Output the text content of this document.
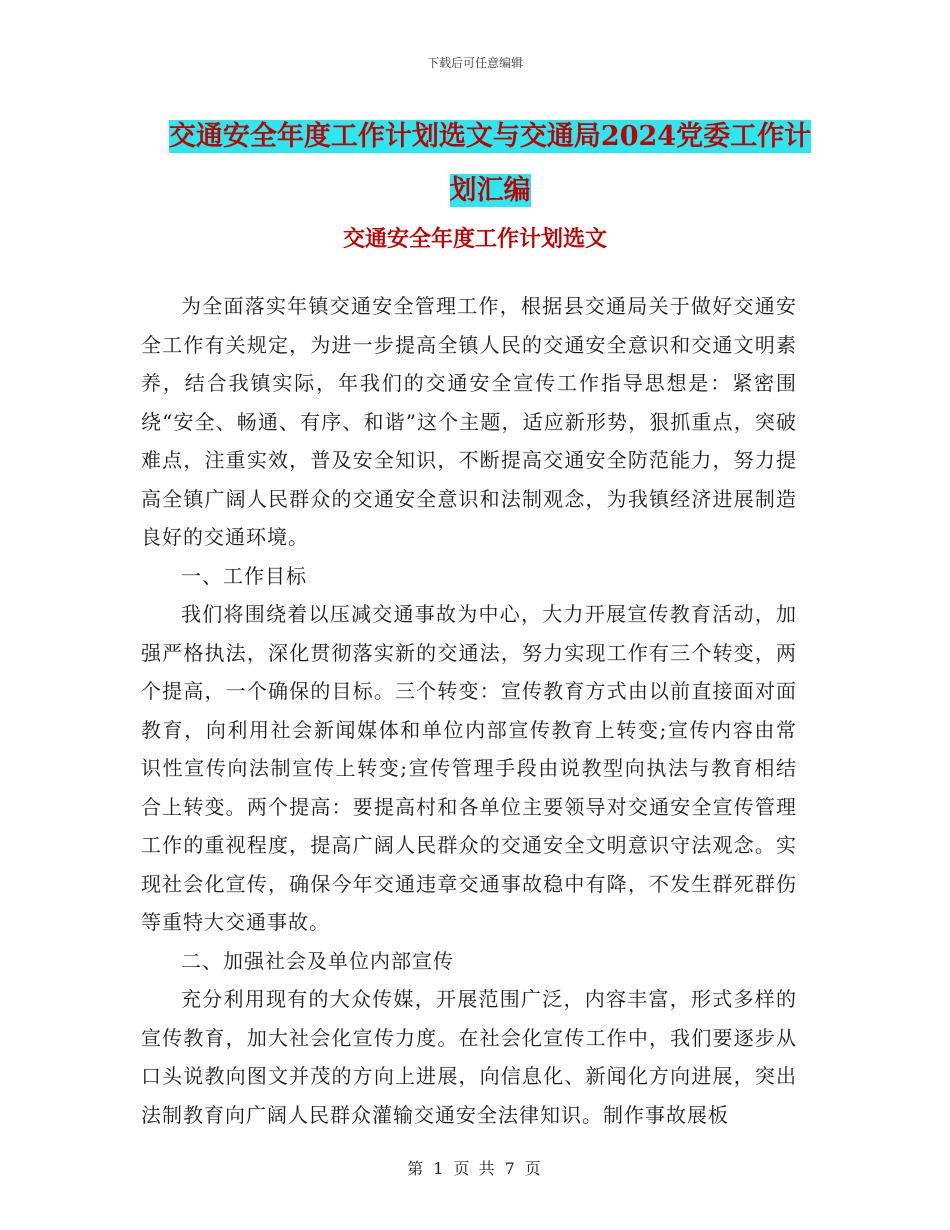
下载后可任意编辑
交通安全年度工作计划选文与交通局2024党委工作计
划汇编
交通安全年度工作计划选文

为全面落实年镇交通安全管理工作，根据县交通局关于做好交通安全工作有关规定，为进一步提高全镇人民的交通安全意识和交通文明素养，结合我镇实际，年我们的交通安全宣传工作指导思想是：紧密围绕“安全、畅通、有序、和谐”这个主题，适应新形势，狠抓重点，突破难点，注重实效，普及安全知识，不断提高交通安全防范能力，努力提高全镇广阔人民群众的交通安全意识和法制观念，为我镇经济进展制造良好的交通环境。

一、工作目标

我们将围绕着以压减交通事故为中心，大力开展宣传教育活动，加强严格执法，深化贯彻落实新的交通法，努力实现工作有三个转变，两个提高，一个确保的目标。三个转变：宣传教育方式由以前直接面对面教育，向利用社会新闻媒体和单位内部宣传教育上转变;宣传内容由常识性宣传向法制宣传上转变;宣传管理手段由说教型向执法与教育相结合上转变。两个提高：要提高村和各单位主要领导对交通安全宣传管理工作的重视程度，提高广阔人民群众的交通安全文明意识守法观念。实现社会化宣传，确保今年交通违章交通事故稳中有降，不发生群死群伤等重特大交通事故。

二、加强社会及单位内部宣传

充分利用现有的大众传媒，开展范围广泛，内容丰富，形式多样的宣传教育，加大社会化宣传力度。在社会化宣传工作中，我们要逐步从口头说教向图文并茂的方向上进展，向信息化、新闻化方向进展，突出法制教育向广阔人民群众灌输交通安全法律知识。制作事故展板

第 1 页 共 7 页
